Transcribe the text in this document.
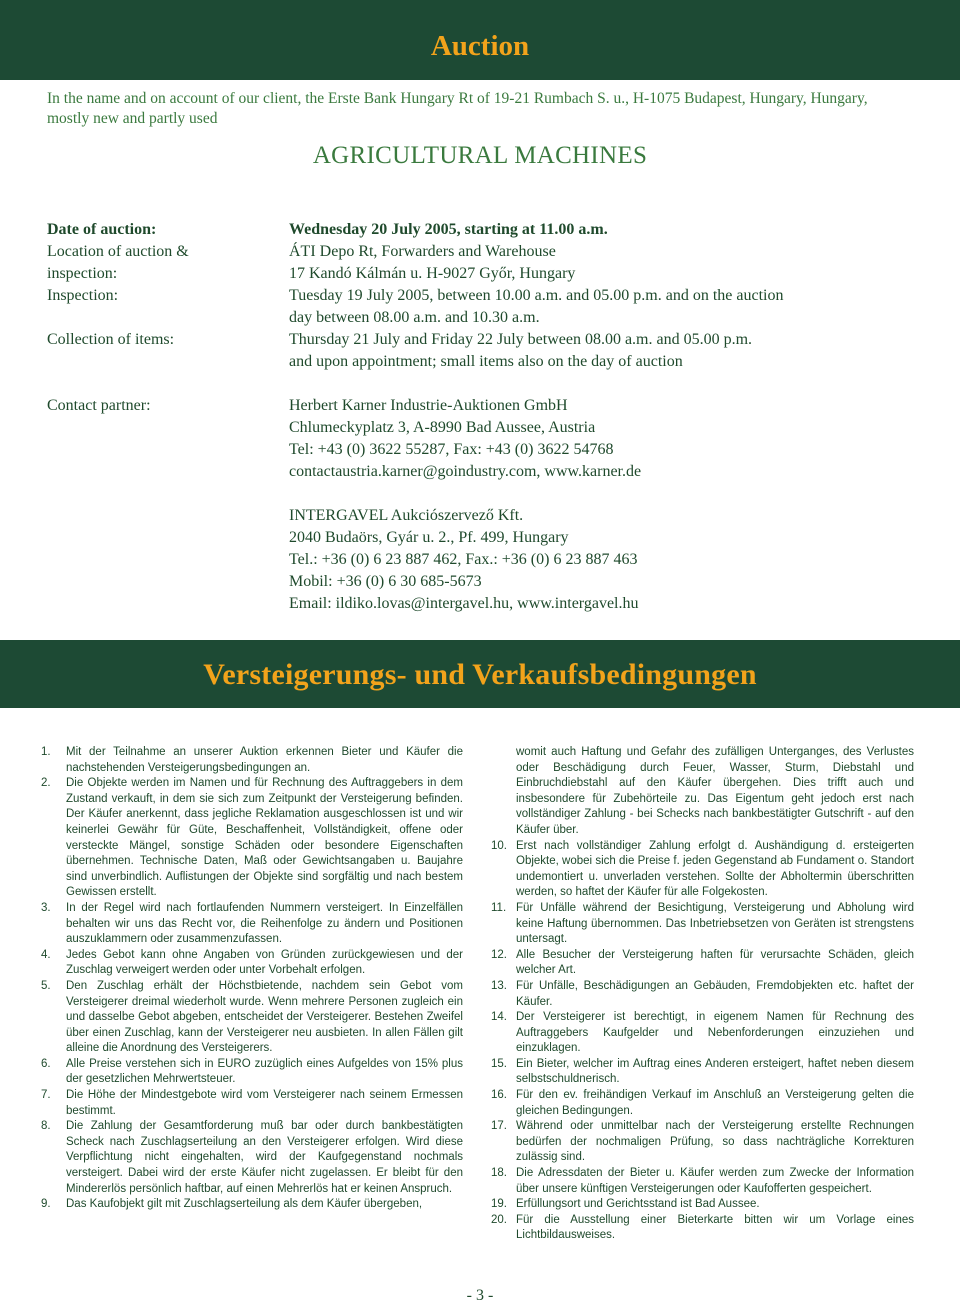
Auction
In the name and on account of our client, the Erste Bank Hungary Rt of 19-21 Rumbach S. u., H-1075 Budapest, Hungary, Hungary, mostly new and partly used
AGRICULTURAL MACHINES
Date of auction:	Wednesday 20 July 2005, starting at 11.00 a.m.
Location of auction &	ÁTI Depo Rt, Forwarders and Warehouse
inspection:	17 Kandó Kálmán u. H-9027 Győr, Hungary
Inspection:	Tuesday 19 July 2005, between 10.00 a.m. and 05.00 p.m. and on the auction
day between 08.00 a.m. and 10.30 a.m.
Collection of items:	Thursday 21 July and Friday 22 July between 08.00 a.m. and 05.00 p.m.
and upon appointment; small items also on the day of auction
Contact partner:	Herbert Karner Industrie-Auktionen GmbH
Chlumeckyplatz 3, A-8990 Bad Aussee, Austria
Tel: +43 (0) 3622 55287, Fax: +43 (0) 3622 54768
contactaustria.karner@goindustry.com, www.karner.de
INTERGAVEL Aukciószervező Kft.
2040 Budaörs, Gyár u. 2., Pf. 499, Hungary
Tel.: +36 (0) 6 23 887 462, Fax.: +36 (0) 6 23 887 463
Mobil: +36 (0) 6 30 685-5673
Email: ildiko.lovas@intergavel.hu, www.intergavel.hu
Versteigerungs- und Verkaufsbedingungen

1. Mit der Teilnahme an unserer Auktion erkennen Bieter und Käufer die nachstehenden Versteigerungsbedingungen an.

2. Die Objekte werden im Namen und für Rechnung des Auftraggebers in dem Zustand verkauft, in dem sie sich zum Zeitpunkt der Versteigerung befinden. Der Käufer anerkennt, dass jegliche Reklamation ausgeschlossen ist und wir keinerlei Gewähr für Güte, Beschaffenheit, Vollständigkeit, offene oder versteckte Mängel, sonstige Schäden oder besondere Eigenschaften übernehmen. Technische Daten, Maß oder Gewichtsangaben u. Baujahre sind unverbindlich. Auflistungen der Objekte sind sorgfältig und nach bestem Gewissen erstellt.

3. In der Regel wird nach fortlaufenden Nummern versteigert. In Einzelfällen behalten wir uns das Recht vor, die Reihenfolge zu ändern und Positionen auszuklammern oder zusammenzufassen.

4. Jedes Gebot kann ohne Angaben von Gründen zurückgewiesen und der Zuschlag verweigert werden oder unter Vorbehalt erfolgen.

5. Den Zuschlag erhält der Höchstbietende, nachdem sein Gebot vom Versteigerer dreimal wiederholt wurde. Wenn mehrere Personen zugleich ein und dasselbe Gebot abgeben, entscheidet der Versteigerer. Bestehen Zweifel über einen Zuschlag, kann der Versteigerer neu ausbieten. In allen Fällen gilt alleine die Anordnung des Versteigerers.

6. Alle Preise verstehen sich in EURO zuzüglich eines Aufgeldes von 15% plus der gesetzlichen Mehrwertsteuer.

7. Die Höhe der Mindestgebote wird vom Versteigerer nach seinem Ermessen bestimmt.

8. Die Zahlung der Gesamtforderung muß bar oder durch bankbestätigten Scheck nach Zuschlagserteilung an den Versteigerer erfolgen. Wird diese Verpflichtung nicht eingehalten, wird der Kaufgegenstand nochmals versteigert. Dabei wird der erste Käufer nicht zugelassen. Er bleibt für den Mindererlös persönlich haftbar, auf einen Mehrerlös hat er keinen Anspruch.

9. Das Kaufobjekt gilt mit Zuschlagserteilung als dem Käufer übergeben,

womit auch Haftung und Gefahr des zufälligen Unterganges, des Verlustes oder Beschädigung durch Feuer, Wasser, Sturm, Diebstahl und Einbruchdiebstahl auf den Käufer übergehen. Dies trifft auch und insbesondere für Zubehörteile zu. Das Eigentum geht jedoch erst nach vollständiger Zahlung - bei Schecks nach bankbestätigter Gutschrift - auf den Käufer über.

10. Erst nach vollständiger Zahlung erfolgt d. Aushändigung d. ersteigerten Objekte, wobei sich die Preise f. jeden Gegenstand ab Fundament o. Standort undemontiert u. unverladen verstehen. Sollte der Abholtermin überschritten werden, so haftet der Käufer für alle Folgekosten.

11. Für Unfälle während der Besichtigung, Versteigerung und Abholung wird keine Haftung übernommen. Das Inbetriebsetzen von Geräten ist strengstens untersagt.

12. Alle Besucher der Versteigerung haften für verursachte Schäden, gleich welcher Art.

13. Für Unfälle, Beschädigungen an Gebäuden, Fremdobjekten etc. haftet der Käufer.

14. Der Versteigerer ist berechtigt, in eigenem Namen für Rechnung des Auftraggebers Kaufgelder und Nebenforderungen einzuziehen und einzuklagen.

15. Ein Bieter, welcher im Auftrag eines Anderen ersteigert, haftet neben diesem selbstschuldnerisch.

16. Für den ev. freihändigen Verkauf im Anschluß an Versteigerung gelten die gleichen Bedingungen.

17. Während oder unmittelbar nach der Versteigerung erstellte Rechnungen bedürfen der nochmaligen Prüfung, so dass nachträgliche Korrekturen zulässig sind.

18. Die Adressdaten der Bieter u. Käufer werden zum Zwecke der Information über unsere künftigen Versteigerungen oder Kaufofferten gespeichert.

19. Erfüllungsort und Gerichtsstand ist Bad Aussee.

20. Für die Ausstellung einer Bieterkarte bitten wir um Vorlage eines Lichtbildausweises.

- 3 -
